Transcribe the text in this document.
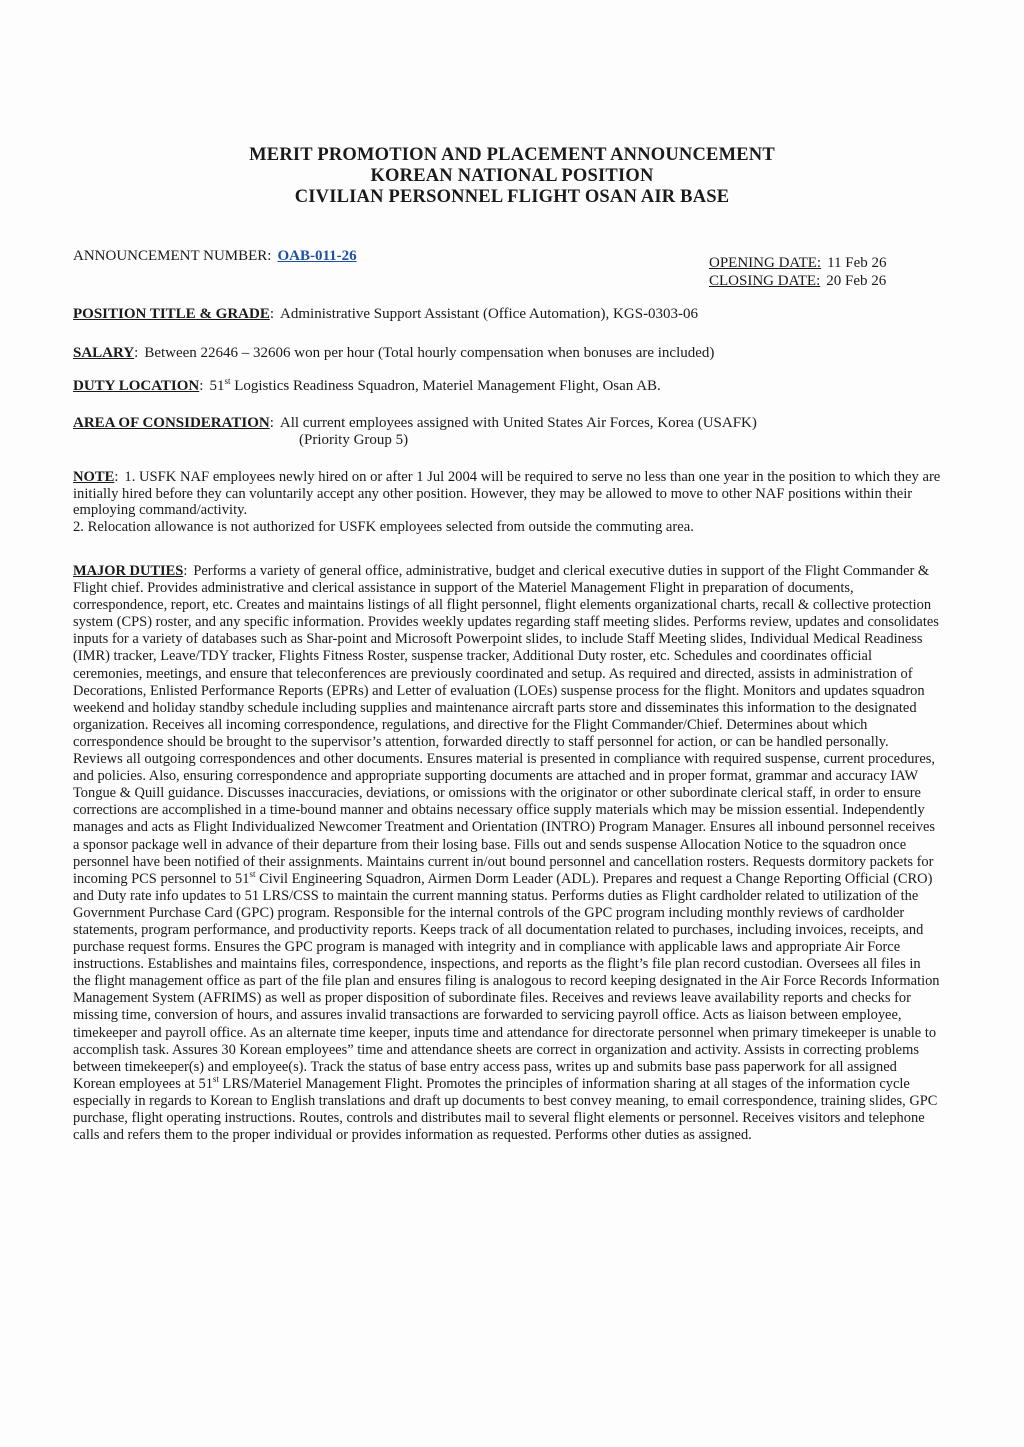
MERIT PROMOTION AND PLACEMENT ANNOUNCEMENT
KOREAN NATIONAL POSITION
CIVILIAN PERSONNEL FLIGHT OSAN AIR BASE
ANNOUNCEMENT NUMBER: OAB-011-26	OPENING DATE: 11 Feb 26
CLOSING DATE: 20 Feb 26
POSITION TITLE & GRADE: Administrative Support Assistant (Office Automation), KGS-0303-06
SALARY: Between 22646 – 32606 won per hour (Total hourly compensation when bonuses are included)
DUTY LOCATION: 51st Logistics Readiness Squadron, Materiel Management Flight, Osan AB.
AREA OF CONSIDERATION: All current employees assigned with United States Air Forces, Korea (USAFK)
(Priority Group 5)
NOTE: 1. USFK NAF employees newly hired on or after 1 Jul 2004 will be required to serve no less than one year in the position to which they are initially hired before they can voluntarily accept any other position. However, they may be allowed to move to other NAF positions within their employing command/activity.
2. Relocation allowance is not authorized for USFK employees selected from outside the commuting area.
MAJOR DUTIES: Performs a variety of general office, administrative, budget and clerical executive duties in support of the Flight Commander & Flight chief. Provides administrative and clerical assistance in support of the Materiel Management Flight in preparation of documents, correspondence, report, etc. Creates and maintains listings of all flight personnel, flight elements organizational charts, recall & collective protection system (CPS) roster, and any specific information. Provides weekly updates regarding staff meeting slides. Performs review, updates and consolidates inputs for a variety of databases such as Shar-point and Microsoft Powerpoint slides, to include Staff Meeting slides, Individual Medical Readiness (IMR) tracker, Leave/TDY tracker, Flights Fitness Roster, suspense tracker, Additional Duty roster, etc. Schedules and coordinates official ceremonies, meetings, and ensure that teleconferences are previously coordinated and setup. As required and directed, assists in administration of Decorations, Enlisted Performance Reports (EPRs) and Letter of evaluation (LOEs) suspense process for the flight. Monitors and updates squadron weekend and holiday standby schedule including supplies and maintenance aircraft parts store and disseminates this information to the designated organization. Receives all incoming correspondence, regulations, and directive for the Flight Commander/Chief. Determines about which correspondence should be brought to the supervisor’s attention, forwarded directly to staff personnel for action, or can be handled personally. Reviews all outgoing correspondences and other documents. Ensures material is presented in compliance with required suspense, current procedures, and policies. Also, ensuring correspondence and appropriate supporting documents are attached and in proper format, grammar and accuracy IAW Tongue & Quill guidance. Discusses inaccuracies, deviations, or omissions with the originator or other subordinate clerical staff, in order to ensure corrections are accomplished in a time-bound manner and obtains necessary office supply materials which may be mission essential. Independently manages and acts as Flight Individualized Newcomer Treatment and Orientation (INTRO) Program Manager. Ensures all inbound personnel receives a sponsor package well in advance of their departure from their losing base. Fills out and sends suspense Allocation Notice to the squadron once personnel have been notified of their assignments. Maintains current in/out bound personnel and cancellation rosters. Requests dormitory packets for incoming PCS personnel to 51st Civil Engineering Squadron, Airmen Dorm Leader (ADL). Prepares and request a Change Reporting Official (CRO) and Duty rate info updates to 51 LRS/CSS to maintain the current manning status. Performs duties as Flight cardholder related to utilization of the Government Purchase Card (GPC) program. Responsible for the internal controls of the GPC program including monthly reviews of cardholder statements, program performance, and productivity reports. Keeps track of all documentation related to purchases, including invoices, receipts, and purchase request forms. Ensures the GPC program is managed with integrity and in compliance with applicable laws and appropriate Air Force instructions. Establishes and maintains files, correspondence, inspections, and reports as the flight’s file plan record custodian. Oversees all files in the flight management office as part of the file plan and ensures filing is analogous to record keeping designated in the Air Force Records Information Management System (AFRIMS) as well as proper disposition of subordinate files. Receives and reviews leave availability reports and checks for missing time, conversion of hours, and assures invalid transactions are forwarded to servicing payroll office. Acts as liaison between employee, timekeeper and payroll office. As an alternate time keeper, inputs time and attendance for directorate personnel when primary timekeeper is unable to accomplish task. Assures 30 Korean employees” time and attendance sheets are correct in organization and activity. Assists in correcting problems between timekeeper(s) and employee(s). Track the status of base entry access pass, writes up and submits base pass paperwork for all assigned Korean employees at 51st LRS/Materiel Management Flight. Promotes the principles of information sharing at all stages of the information cycle especially in regards to Korean to English translations and draft up documents to best convey meaning, to email correspondence, training slides, GPC purchase, flight operating instructions. Routes, controls and distributes mail to several flight elements or personnel. Receives visitors and telephone calls and refers them to the proper individual or provides information as requested. Performs other duties as assigned.
